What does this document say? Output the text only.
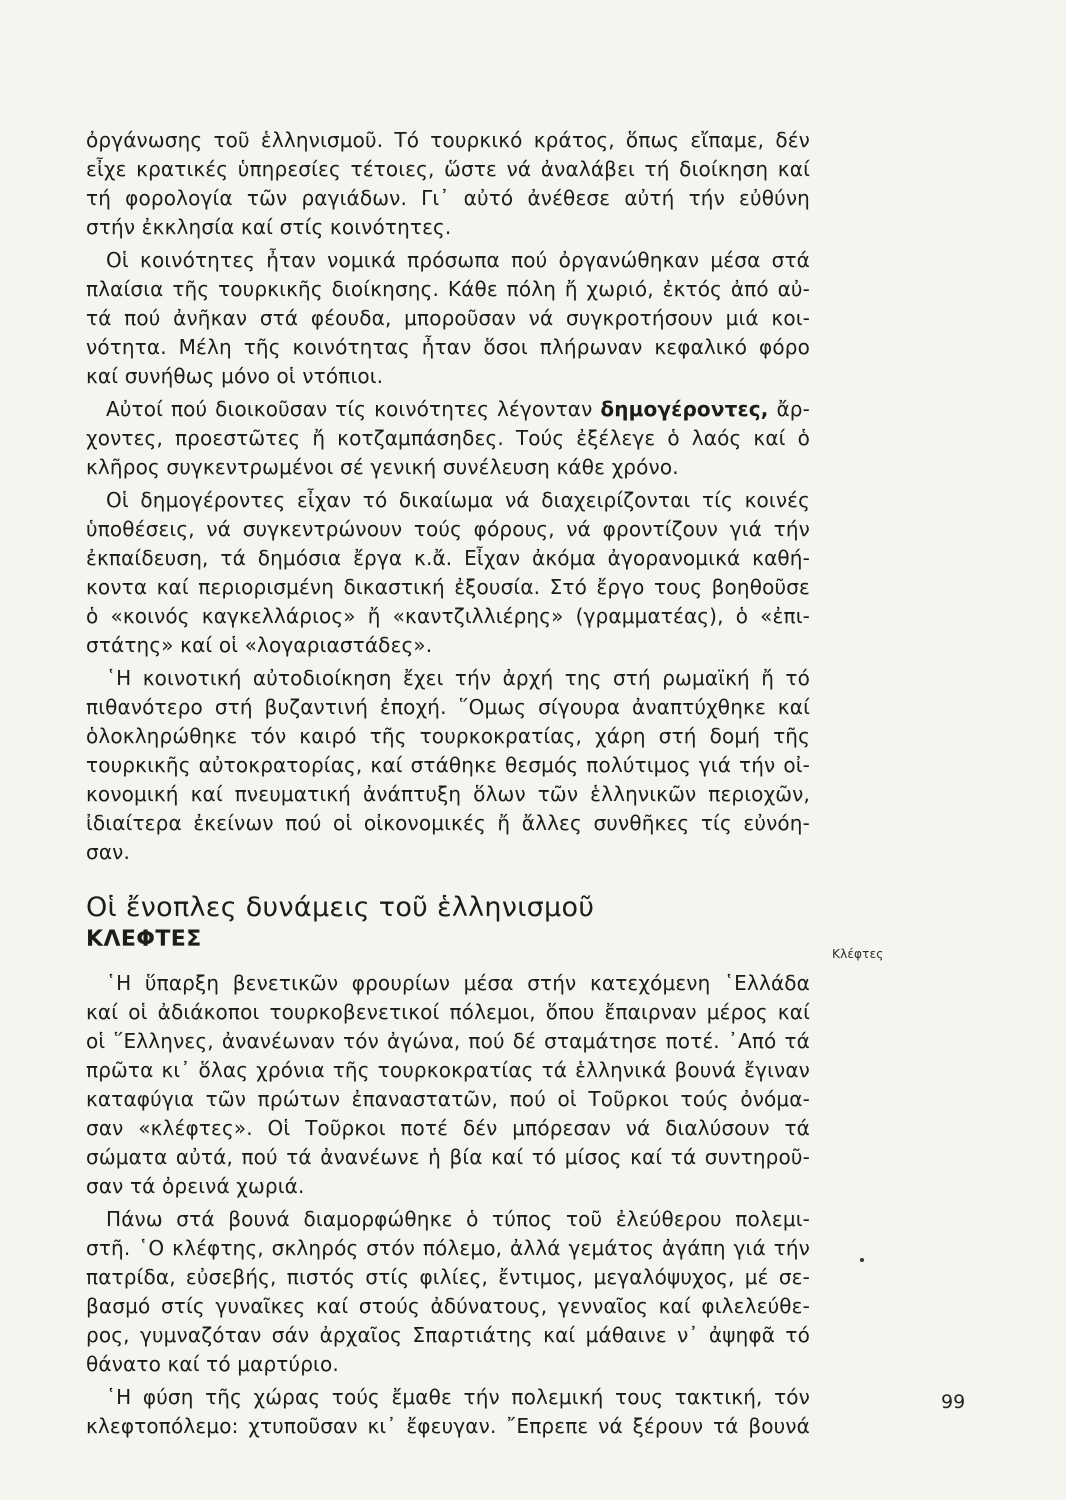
ὀργάνωσης τοῦ ἑλληνισμοῦ. Τό τουρκικό κράτος, ὅπως εἴπαμε, δέν
εἶχε κρατικές ὑπηρεσίες τέτοιες, ὥστε νά ἀναλάβει τή διοίκηση καί
τή φορολογία τῶν ραγιάδων. Γι᾿ αὐτό ἀνέθεσε αὐτή τήν εὐθύνη
στήν ἐκκλησία καί στίς κοινότητες.
Οἱ κοινότητες ἦταν νομικά πρόσωπα πού ὀργανώθηκαν μέσα στά
πλαίσια τῆς τουρκικῆς διοίκησης. Κάθε πόλη ἤ χωριό, ἐκτός ἀπό αὐ-
τά πού ἀνῆκαν στά φέουδα, μποροῦσαν νά συγκροτήσουν μιά κοι-
νότητα. Μέλη τῆς κοινότητας ἦταν ὅσοι πλήρωναν κεφαλικό φόρο
καί συνήθως μόνο οἱ ντόπιοι.
Αὐτοί πού διοικοῦσαν τίς κοινότητες λέγονταν δημογέροντες, ἄρ-
χοντες, προεστῶτες ἤ κοτζαμπάσηδες. Τούς ἐξέλεγε ὁ λαός καί ὁ
κλῆρος συγκεντρωμένοι σέ γενική συνέλευση κάθε χρόνο.
Οἱ δημογέροντες εἶχαν τό δικαίωμα νά διαχειρίζονται τίς κοινές
ὑποθέσεις, νά συγκεντρώνουν τούς φόρους, νά φροντίζουν γιά τήν
ἐκπαίδευση, τά δημόσια ἔργα κ.ἄ. Εἶχαν ἀκόμα ἀγορανομικά καθή-
κοντα καί περιορισμένη δικαστική ἐξουσία. Στό ἔργο τους βοηθοῦσε
ὁ «κοινός καγκελλάριος» ἤ «καντζιλλιέρης» (γραμματέας), ὁ «ἐπι-
στάτης» καί οἱ «λογαριαστάδες».
῾Η κοινοτική αὐτοδιοίκηση ἔχει τήν ἀρχή της στή ρωμαϊκή ἤ τό
πιθανότερο στή βυζαντινή ἐποχή. ῞Ομως σίγουρα ἀναπτύχθηκε καί
ὁλοκληρώθηκε τόν καιρό τῆς τουρκοκρατίας, χάρη στή δομή τῆς
τουρκικῆς αὐτοκρατορίας, καί στάθηκε θεσμός πολύτιμος γιά τήν οἰ-
κονομική καί πνευματική ἀνάπτυξη ὅλων τῶν ἑλληνικῶν περιοχῶν,
ἰδιαίτερα ἐκείνων πού οἱ οἰκονομικές ἤ ἄλλες συνθῆκες τίς εὐνόη-
σαν.
Οἱ ἔνοπλες δυνάμεις τοῦ ἑλληνισμοῦ
ΚΛΕΦΤΕΣ
῾Η ὕπαρξη βενετικῶν φρουρίων μέσα στήν κατεχόμενη ῾Ελλάδα
καί οἱ ἀδιάκοποι τουρκοβενετικοί πόλεμοι, ὅπου ἔπαιρναν μέρος καί
οἱ ῞Ελληνες, ἀνανέωναν τόν ἀγώνα, πού δέ σταμάτησε ποτέ. ᾿Από τά
πρῶτα κι᾿ ὅλας χρόνια τῆς τουρκοκρατίας τά ἑλληνικά βουνά ἔγιναν
καταφύγια τῶν πρώτων ἐπαναστατῶν, πού οἱ Τοῦρκοι τούς ὀνόμα-
σαν «κλέφτες». Οἱ Τοῦρκοι ποτέ δέν μπόρεσαν νά διαλύσουν τά
σώματα αὐτά, πού τά ἀνανέωνε ἡ βία καί τό μίσος καί τά συντηροῦ-
σαν τά ὀρεινά χωριά.
Πάνω στά βουνά διαμορφώθηκε ὁ τύπος τοῦ ἐλεύθερου πολεμι-
στῆ. ῾Ο κλέφτης, σκληρός στόν πόλεμο, ἀλλά γεμάτος ἀγάπη γιά τήν
πατρίδα, εὐσεβής, πιστός στίς φιλίες, ἔντιμος, μεγαλόψυχος, μέ σε-
βασμό στίς γυναῖκες καί στούς ἀδύνατους, γενναῖος καί φιλελεύθε-
ρος, γυμναζόταν σάν ἀρχαῖος Σπαρτιάτης καί μάθαινε ν᾿ ἀψηφᾶ τό
θάνατο καί τό μαρτύριο.
῾Η φύση τῆς χώρας τούς ἔμαθε τήν πολεμική τους τακτική, τόν
κλεφτοπόλεμο: χτυποῦσαν κι᾿ ἔφευγαν. ῎Επρεπε νά ξέρουν τά βουνά
Κλέφτες
99
